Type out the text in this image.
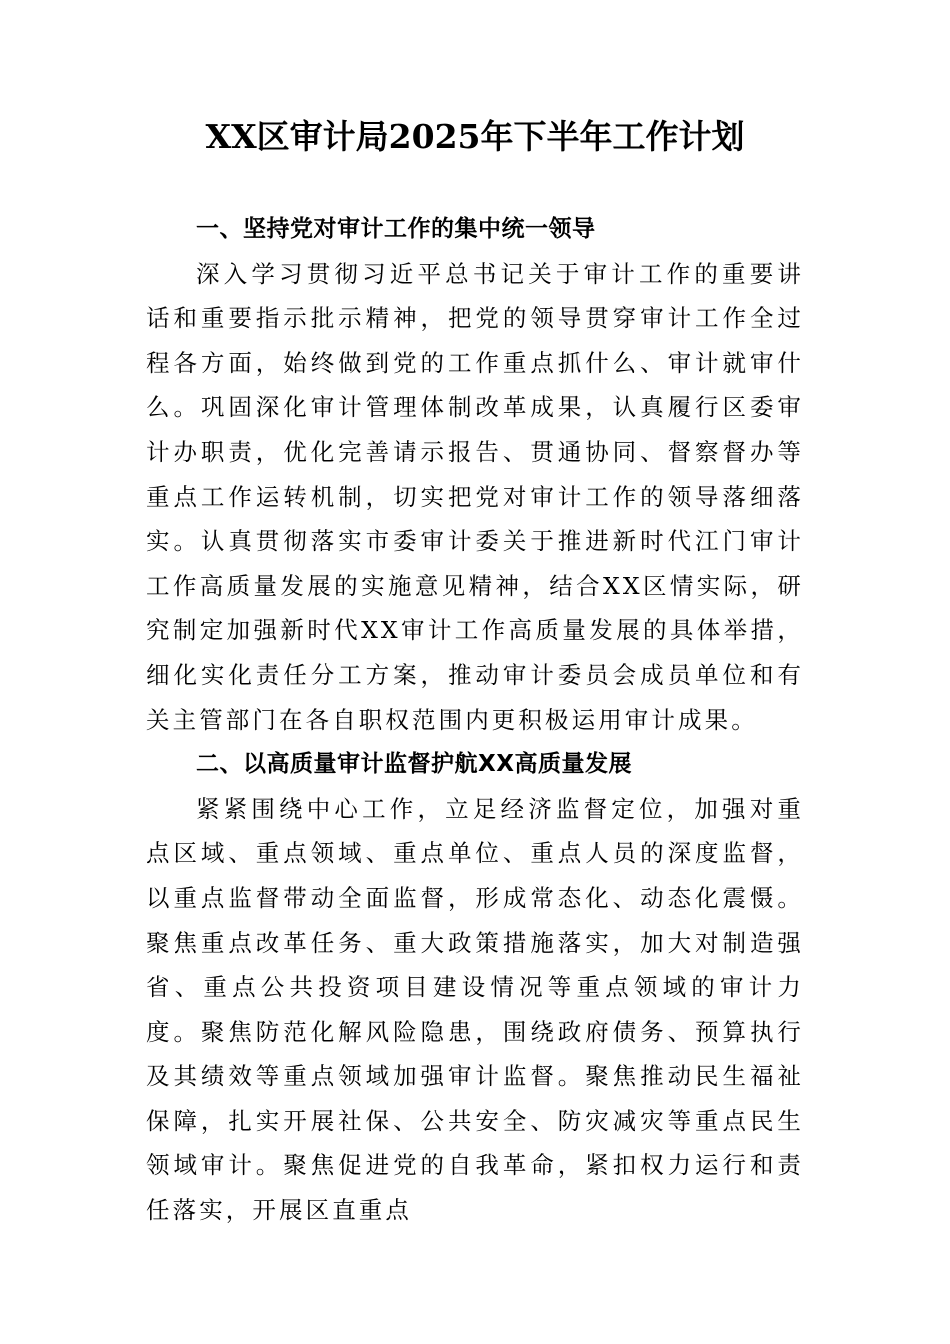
XX区审计局2025年下半年工作计划

一、坚持党对审计工作的集中统一领导

深入学习贯彻习近平总书记关于审计工作的重要讲话和重要指示批示精神，把党的领导贯穿审计工作全过程各方面，始终做到党的工作重点抓什么、审计就审什么。巩固深化审计管理体制改革成果，认真履行区委审计办职责，优化完善请示报告、贯通协同、督察督办等重点工作运转机制，切实把党对审计工作的领导落细落实。认真贯彻落实市委审计委关于推进新时代江门审计工作高质量发展的实施意见精神，结合XX区情实际，研究制定加强新时代XX审计工作高质量发展的具体举措，细化实化责任分工方案，推动审计委员会成员单位和有关主管部门在各自职权范围内更积极运用审计成果。

二、以高质量审计监督护航XX高质量发展

紧紧围绕中心工作，立足经济监督定位，加强对重点区域、重点领域、重点单位、重点人员的深度监督，以重点监督带动全面监督，形成常态化、动态化震慑。聚焦重点改革任务、重大政策措施落实，加大对制造强省、重点公共投资项目建设情况等重点领域的审计力度。聚焦防范化解风险隐患，围绕政府债务、预算执行及其绩效等重点领域加强审计监督。聚焦推动民生福祉保障，扎实开展社保、公共安全、防灾减灾等重点民生领域审计。聚焦促进党的自我革命，紧扣权力运行和责任落实，开展区直重点
